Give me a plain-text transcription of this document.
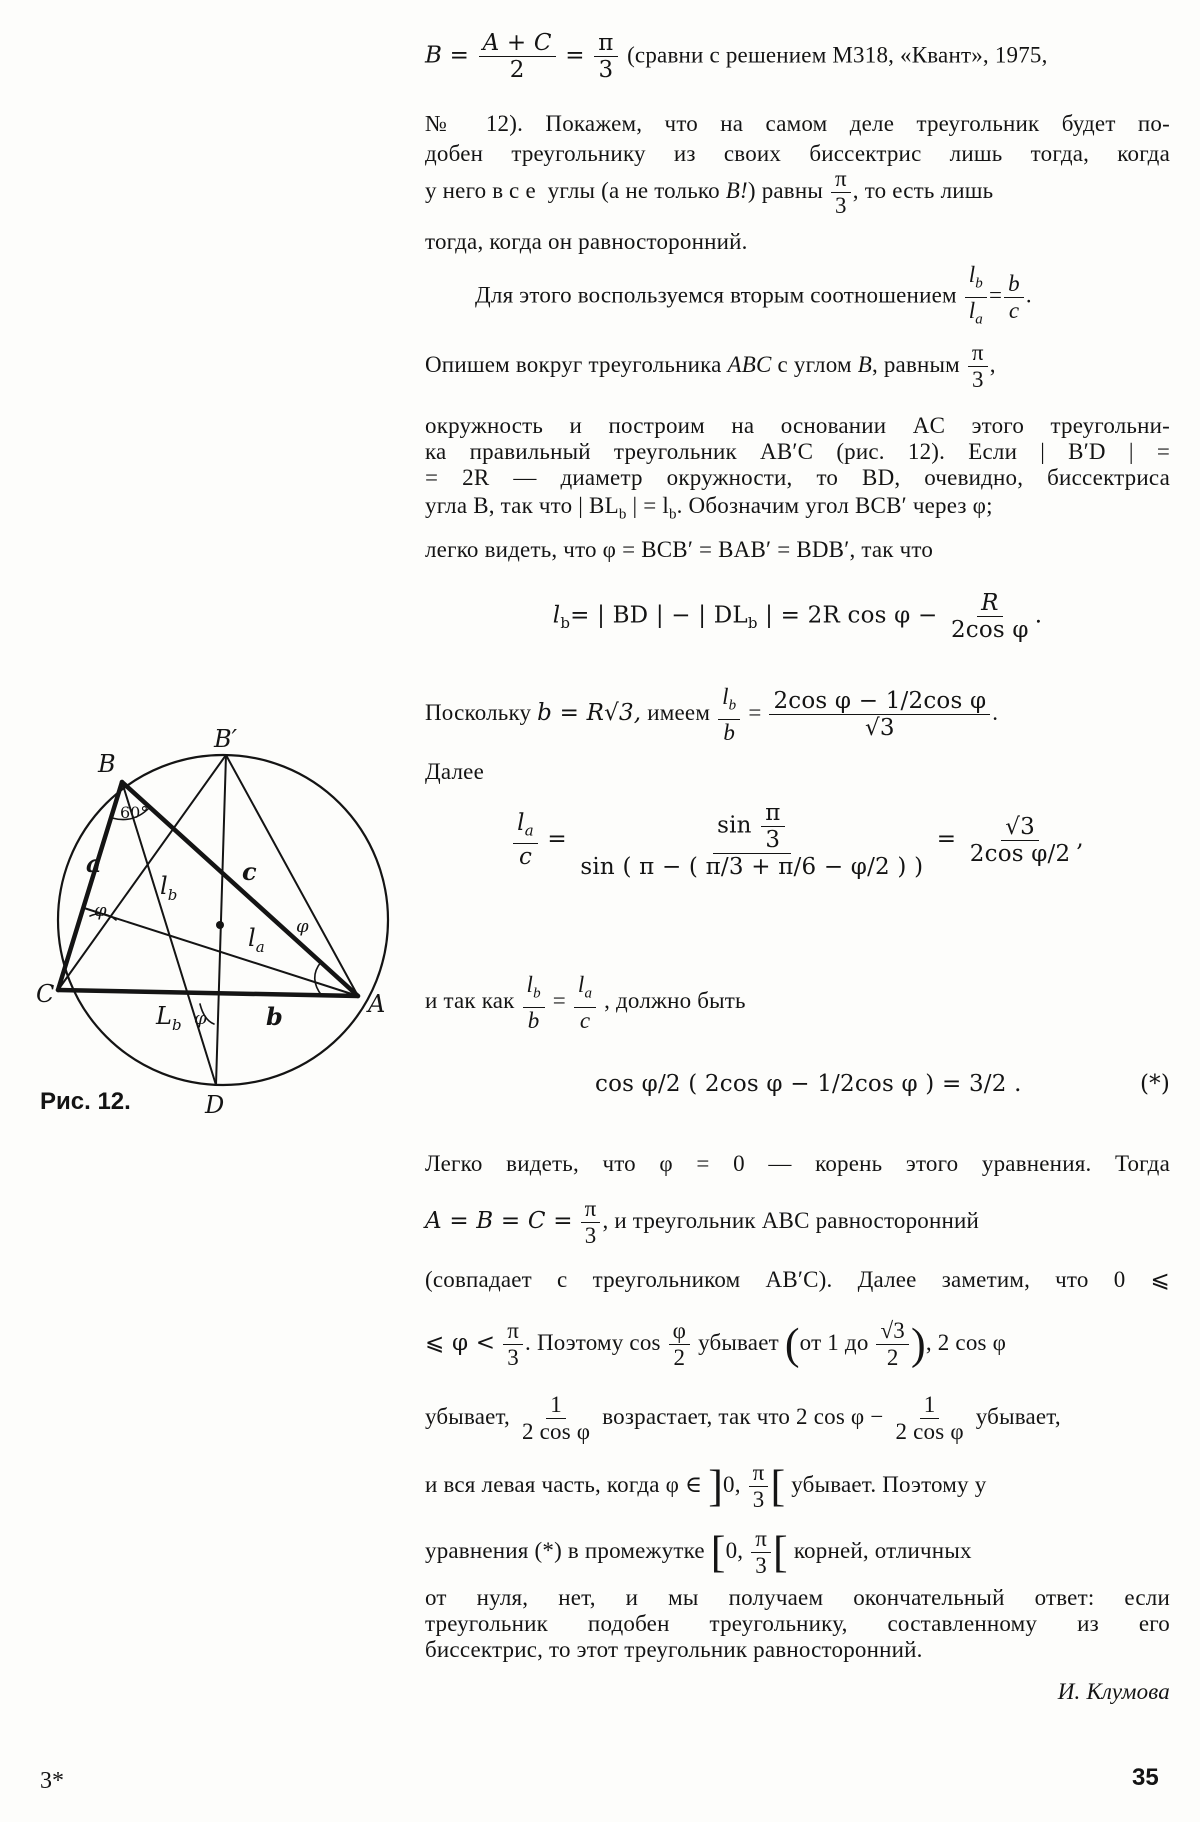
$B = \frac{A + C}{2} = \frac{\pi}{3}$ (сравни с решением М318, «Квант», 1975,
№ 12). Покажем, что на самом деле треугольник будет по-
добен треугольнику из своих биссектрис лишь тогда, когда
у него все углы (а не только B!) равны $\frac{\pi}{3}$ , то есть лишь
тогда, когда он равносторонний.
Для этого воспользуемся вторым соотношением $\frac{l_b}{l_a} = \frac{b}{c}$ .
Опишем вокруг треугольника ABC с углом B, равным $\frac{\pi}{3}$ ,
окружность и построим на основании AC этого треугольни-
ка правильный треугольник AB′C (рис. 12). Если | B′D | =
= 2R — диаметр окружности, то BD, очевидно, биссектриса
угла B, так что | $BL_b$ | = $l_b$. Обозначим угол BCB′ через φ;
легко видеть, что φ = BCB′ = BAB′ = BDB′, так что
$l_b=$ | BD | − | $DL_b$ | = 2R $\cos \varphi - \frac{R}{\text{2cos φ}}$ .
Поскольку b = R√3, имеем $\frac{l_b}{b} = \frac{\text{2cos φ − 1/2cos φ}}{√3}$ .
Далее
$\frac{l_a}{c} = \frac{\sin \frac{\pi}{3}}{\sin ( \pi - ( \pi/3 + \pi/6 - \varphi/2 ) )} = \frac{√3}{\text{2cos φ/2}}$ ,
и так как $\frac{l_b}{b} = \frac{l_a}{c}$ , должно быть
cos φ/2 ( 2cos φ − 1/2cos φ ) = 3/2 .	(*)
Легко видеть, что φ = 0 — корень этого уравнения. Тогда
$A = B = C = \frac{\pi}{3}$ , и треугольник ABC равносторонний
(совпадает с треугольником AB′C). Далее заметим, что 0 ⩽
⩽ $\varphi < \frac{\pi}{3}$ . Поэтому $\cos \frac{\varphi}{2}$ убывает (от 1 до $\frac{√3}{2}$ ), 2 cos φ
убывает, $\frac{1}{\text{2 cos φ}}$ возрастает, так что 2 $\cos \varphi - \frac{1}{\text{2 cos φ}}$ убывает,
и вся левая часть, когда φ ∈ ]0, $\frac{\pi}{3}$ [ убывает. Поэтому у
уравнения (*) в промежутке [0, $\frac{\pi}{3}$ [ корней, отличных
от нуля, нет, и мы получаем окончательный ответ: если
треугольник подобен треугольнику, составленному из его
биссектрис, то этот треугольник равносторонний.
И. Клумова
B
B′
A
C
D
a
b
c
$L_b$
$l_b$
$l_a$
φ
φ
φ
60°
Рис. 12.
3*	35
